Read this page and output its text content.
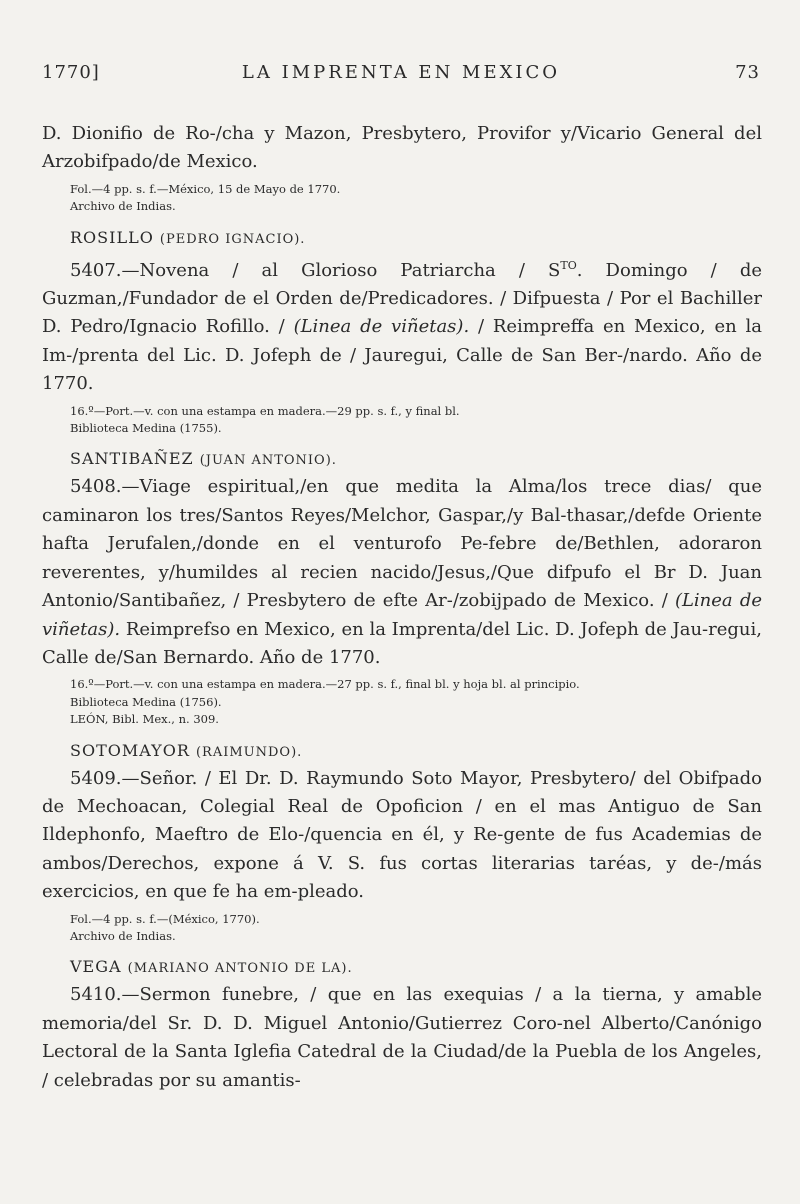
1770]	LA IMPRENTA EN MEXICO	73

D. Dionifio de Ro-/cha y Mazon, Presbytero, Provifor y/Vicario General del Arzobifpado/de Mexico.

Fol.—4 pp. s. f.—México, 15 de Mayo de 1770.
Archivo de Indias.
ROSILLO (PEDRO IGNACIO).

5407.—Novena / al Glorioso Patriarcha / $S^{TO}$. Domingo / de Guzman,/Fundador de el Orden de/Predicadores. / Difpuesta / Por el Bachiller D. Pedro/Ignacio Rofillo. / (Linea de viñetas). / Reimpreffa en Mexico, en la Im-/prenta del Lic. D. Jofeph de / Jauregui, Calle de San Ber-/nardo. Año de 1770.

16.º—Port.—v. con una estampa en madera.—29 pp. s. f., y final bl.
Biblioteca Medina (1755).
SANTIBAÑEZ (JUAN ANTONIO).

5408.—Viage espiritual,/en que medita la Alma/los trece dias/ que caminaron los tres/Santos Reyes/Melchor, Gaspar,/y Bal-thasar,/defde Oriente hafta Jerufalen,/donde en el venturofo Pe-febre de/Bethlen, adoraron reverentes, y/humildes al recien nacido/Jesus,/Que difpufo el Br D. Juan Antonio/Santibañez, / Presbytero de efte Ar-/zobijpado de Mexico. / (Linea de viñetas). Reimprefso en Mexico, en la Imprenta/del Lic. D. Jofeph de Jau-regui, Calle de/San Bernardo. Año de 1770.

16.º—Port.—v. con una estampa en madera.—27 pp. s. f., final bl. y hoja bl. al principio.
Biblioteca Medina (1756).
LEÓN, Bibl. Mex., n. 309.
SOTOMAYOR (RAIMUNDO).

5409.—Señor. / El Dr. D. Raymundo Soto Mayor, Presbytero/ del Obifpado de Mechoacan, Colegial Real de Opoficion / en el mas Antiguo de San Ildephonfo, Maeftro de Elo-/quencia en él, y Re-gente de fus Academias de ambos/Derechos, expone á V. S. fus cortas literarias taréas, y de-/más exercicios, en que fe ha em-pleado.

Fol.—4 pp. s. f.—(México, 1770).
Archivo de Indias.
VEGA (MARIANO ANTONIO DE LA).

5410.—Sermon funebre, / que en las exequias / a la tierna, y amable memoria/del Sr. D. D. Miguel Antonio/Gutierrez Coro-nel Alberto/Canónigo Lectoral de la Santa Iglefia Catedral de la Ciudad/de la Puebla de los Angeles, / celebradas por su amantis-
